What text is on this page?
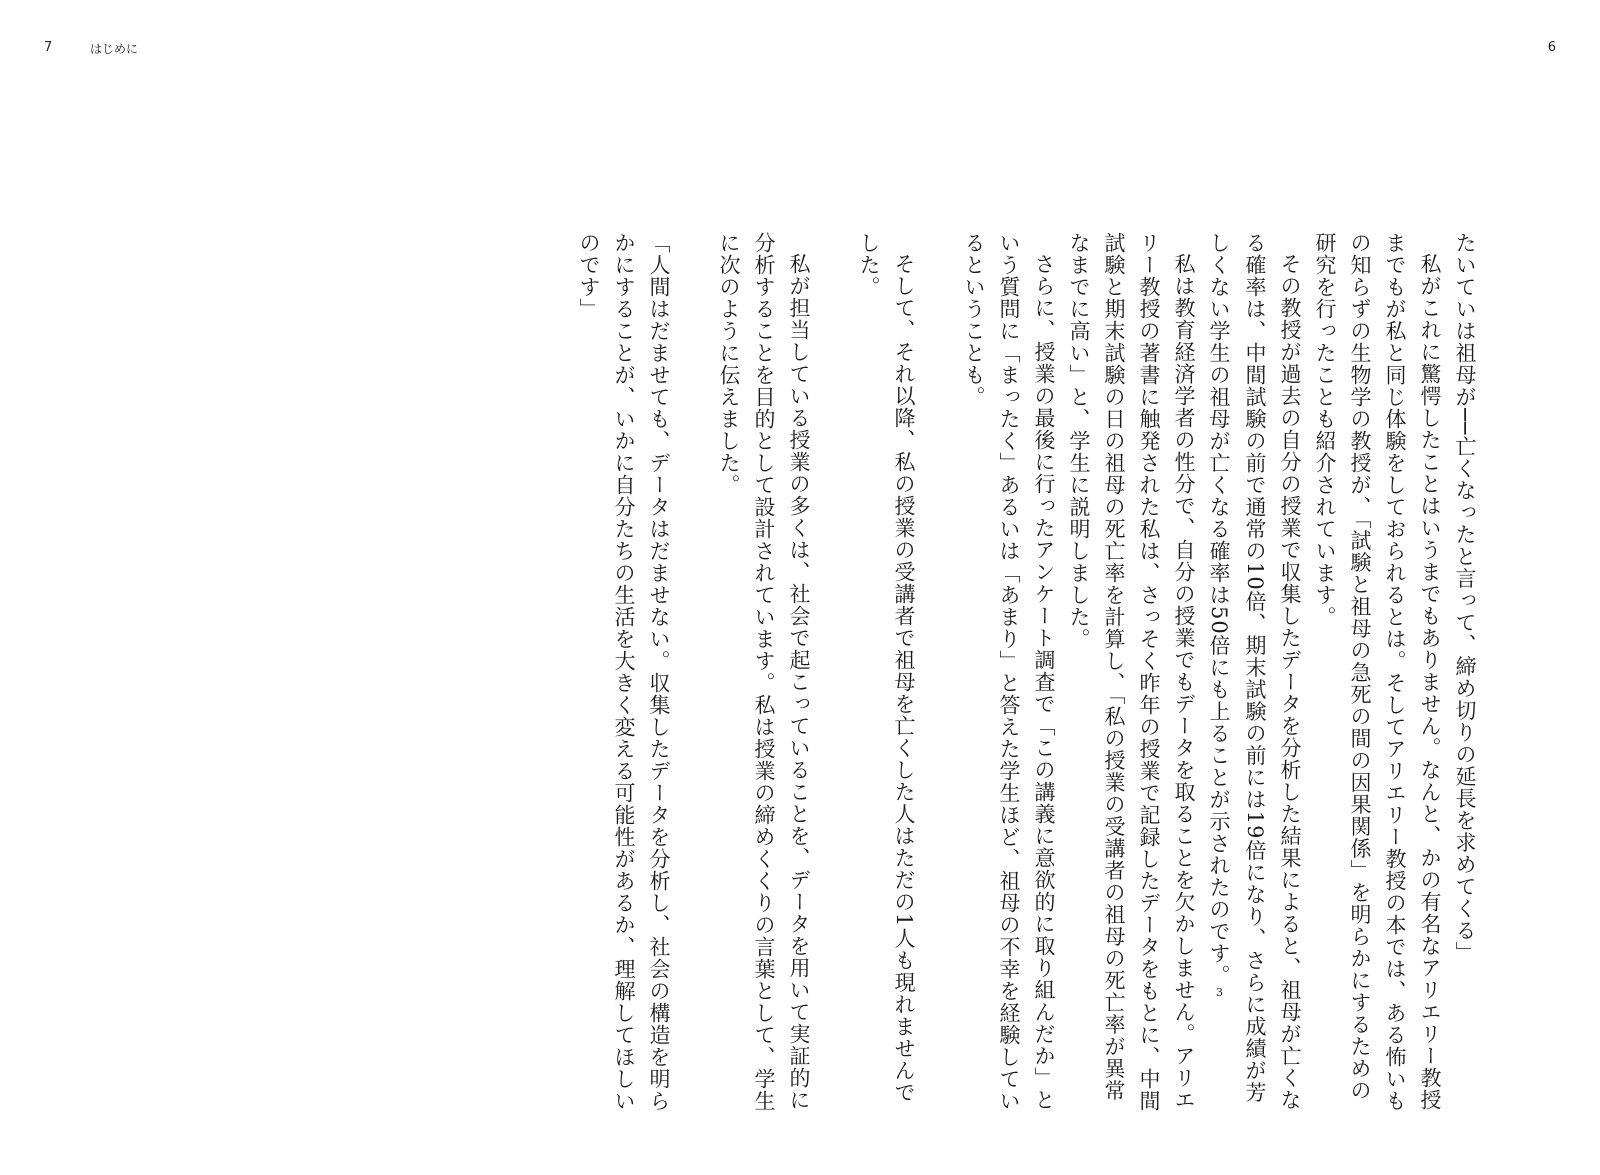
7	はじめに	6

たいていは祖母が──亡くなったと言って、締め切りの延長を求めてくる」

私がこれに驚愕したことはいうまでもありません。なんと、かの有名なアリエリー教授までもが私と同じ体験をしておられるとは。そしてアリエリー教授の本では、ある怖いもの知らずの生物学の教授が、「試験と祖母の急死の間の因果関係」を明らかにするための研究を行ったことも紹介されています。

その教授が過去の自分の授業で収集したデータを分析した結果によると、祖母が亡くなる確率は、中間試験の前で通常の10倍、期末試験の前には19倍になり、さらに成績が芳しくない学生の祖母が亡くなる確率は50倍にも上ることが示されたのです。3

私は教育経済学者の性分で、自分の授業でもデータを取ることを欠かしません。アリエリー教授の著書に触発された私は、さっそく昨年の授業で記録したデータをもとに、中間試験と期末試験の日の祖母の死亡率を計算し、「私の授業の受講者の祖母の死亡率が異常なまでに高い」と、学生に説明しました。

さらに、授業の最後に行ったアンケート調査で「この講義に意欲的に取り組んだか」という質問に「まったく」あるいは「あまり」と答えた学生ほど、祖母の不幸を経験しているということも。

そして、それ以降、私の授業の受講者で祖母を亡くした人はただの1人も現れませんでした。

私が担当している授業の多くは、社会で起こっていることを、データを用いて実証的に分析することを目的として設計されています。私は授業の締めくくりの言葉として、学生に次のように伝えました。

「人間はだませても、データはだませない。収集したデータを分析し、社会の構造を明らかにすることが、いかに自分たちの生活を大きく変える可能性があるか、理解してほしいのです」
